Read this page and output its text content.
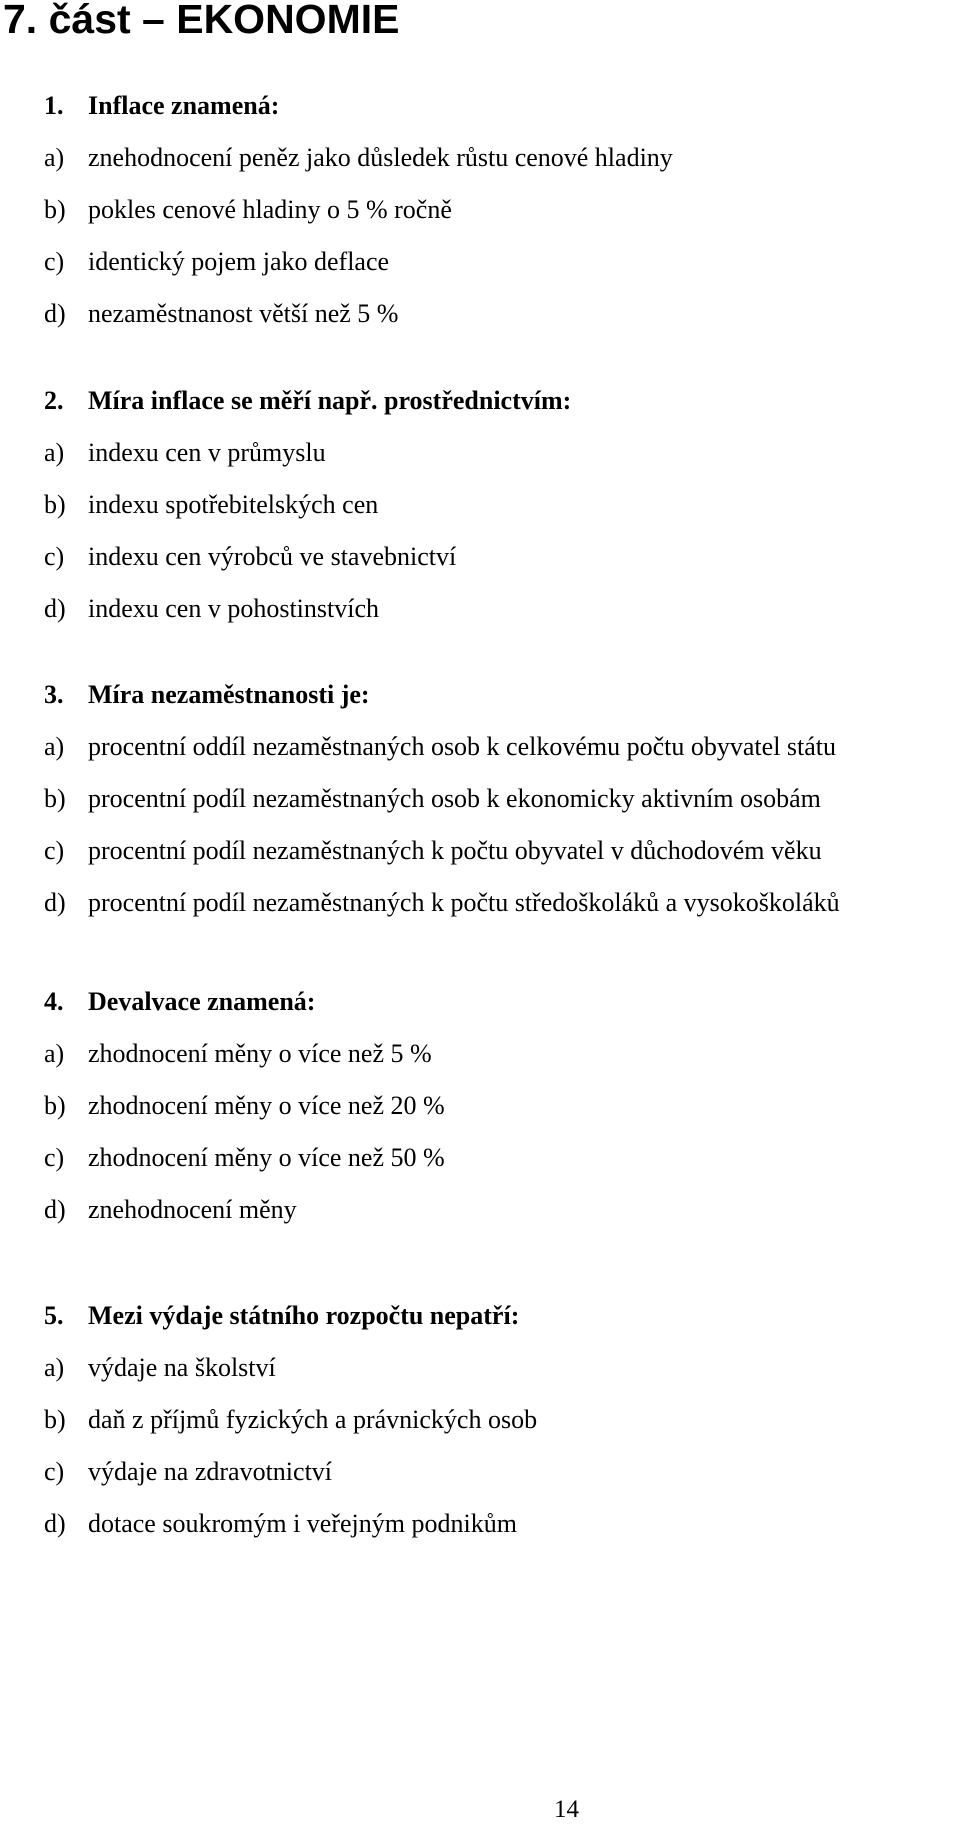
7. část – EKONOMIE
1. Inflace znamená:
a) znehodnocení peněz jako důsledek růstu cenové hladiny
b) pokles cenové hladiny o 5 % ročně
c) identický pojem jako deflace
d) nezaměstnanost větší než 5 %
2. Míra inflace se měří např. prostřednictvím:
a) indexu cen v průmyslu
b) indexu spotřebitelských cen
c) indexu cen výrobců ve stavebnictví
d) indexu cen v pohostinstvích
3. Míra nezaměstnanosti je:
a) procentní oddíl nezaměstnaných osob k celkovému počtu obyvatel státu
b) procentní podíl nezaměstnaných osob k ekonomicky aktivním osobám
c) procentní podíl nezaměstnaných k počtu obyvatel v důchodovém věku
d) procentní podíl nezaměstnaných k počtu středoškoláků a vysokoškoláků
4. Devalvace znamená:
a) zhodnocení měny o více než 5 %
b) zhodnocení měny o více než 20 %
c) zhodnocení měny o více než 50 %
d) znehodnocení měny
5. Mezi výdaje státního rozpočtu nepatří:
a) výdaje na školství
b) daň z příjmů fyzických a právnických osob
c) výdaje na zdravotnictví
d) dotace soukromým i veřejným podnikům
14
